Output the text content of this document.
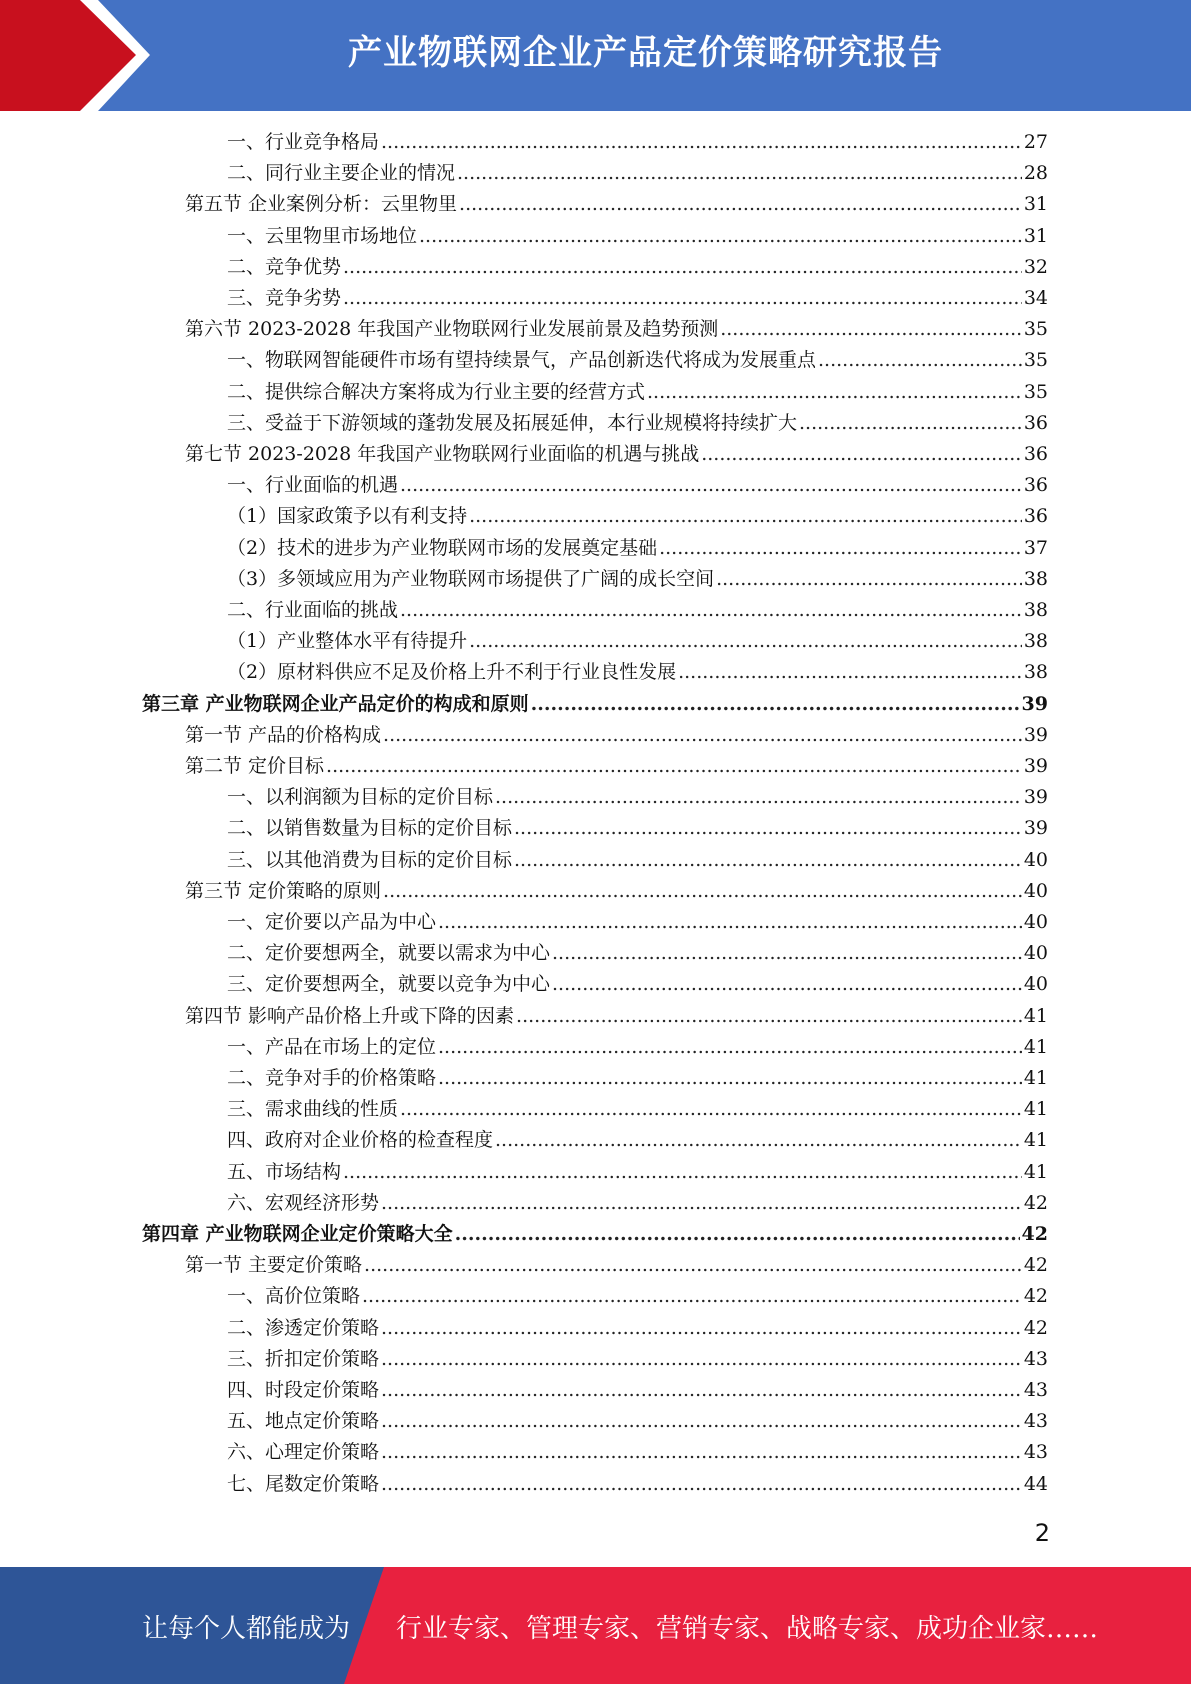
产业物联网企业产品定价策略研究报告
一、行业竞争格局 .....	27
二、同行业主要企业的情况 .....	28
第五节 企业案例分析：云里物里 .....	31
一、云里物里市场地位 .....	31
二、竞争优势 .....	32
三、竞争劣势 .....	34
第六节 2023-2028 年我国产业物联网行业发展前景及趋势预测 .....	35
一、物联网智能硬件市场有望持续景气，产品创新迭代将成为发展重点 .....	35
二、提供综合解决方案将成为行业主要的经营方式 .....	35
三、受益于下游领域的蓬勃发展及拓展延伸，本行业规模将持续扩大 .....	36
第七节 2023-2028 年我国产业物联网行业面临的机遇与挑战 .....	36
一、行业面临的机遇 .....	36
（1）国家政策予以有利支持 .....	36
（2）技术的进步为产业物联网市场的发展奠定基础 .....	37
（3）多领域应用为产业物联网市场提供了广阔的成长空间 .....	38
二、行业面临的挑战 .....	38
（1）产业整体水平有待提升 .....	38
（2）原材料供应不足及价格上升不利于行业良性发展 .....	38
第三章 产业物联网企业产品定价的构成和原则 .....	39
第一节 产品的价格构成 .....	39
第二节 定价目标 .....	39
一、以利润额为目标的定价目标 .....	39
二、以销售数量为目标的定价目标 .....	39
三、以其他消费为目标的定价目标 .....	40
第三节 定价策略的原则 .....	40
一、定价要以产品为中心 .....	40
二、定价要想两全，就要以需求为中心 .....	40
三、定价要想两全，就要以竞争为中心 .....	40
第四节 影响产品价格上升或下降的因素 .....	41
一、产品在市场上的定位 .....	41
二、竞争对手的价格策略 .....	41
三、需求曲线的性质 .....	41
四、政府对企业价格的检查程度 .....	41
五、市场结构 .....	41
六、宏观经济形势 .....	42
第四章 产业物联网企业定价策略大全 .....	42
第一节 主要定价策略 .....	42
一、高价位策略 .....	42
二、渗透定价策略 .....	42
三、折扣定价策略 .....	43
四、时段定价策略 .....	43
五、地点定价策略 .....	43
六、心理定价策略 .....	43
七、尾数定价策略 .....	44
2
让每个人都能成为 行业专家、管理专家、营销专家、战略专家、成功企业家……
